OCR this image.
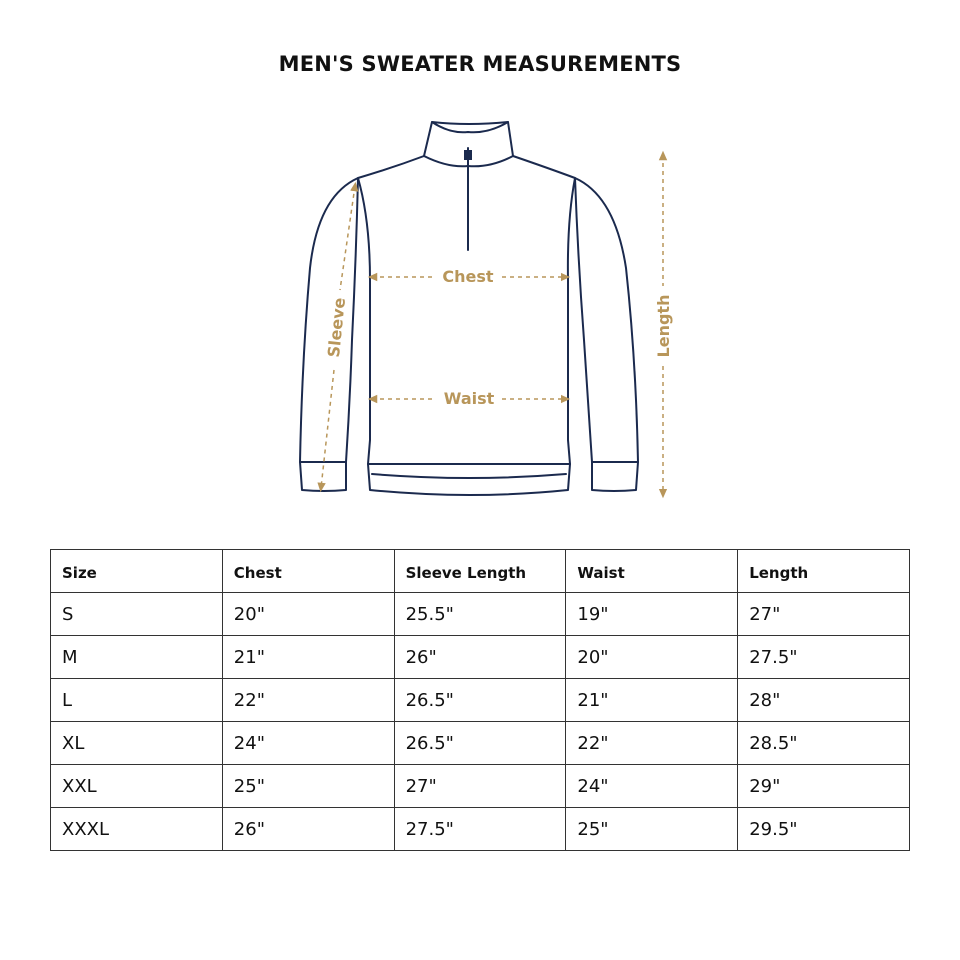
MEN'S SWEATER MEASUREMENTS
Chest
Waist
Sleeve	Length
Size	Chest	Sleeve Length	Waist	Length
S	20"	25.5"	19"	27"
M	21"	26"	20"	27.5"
L	22"	26.5"	21"	28"
XL	24"	26.5"	22"	28.5"
XXL	25"	27"	24"	29"
XXXL	26"	27.5"	25"	29.5"
